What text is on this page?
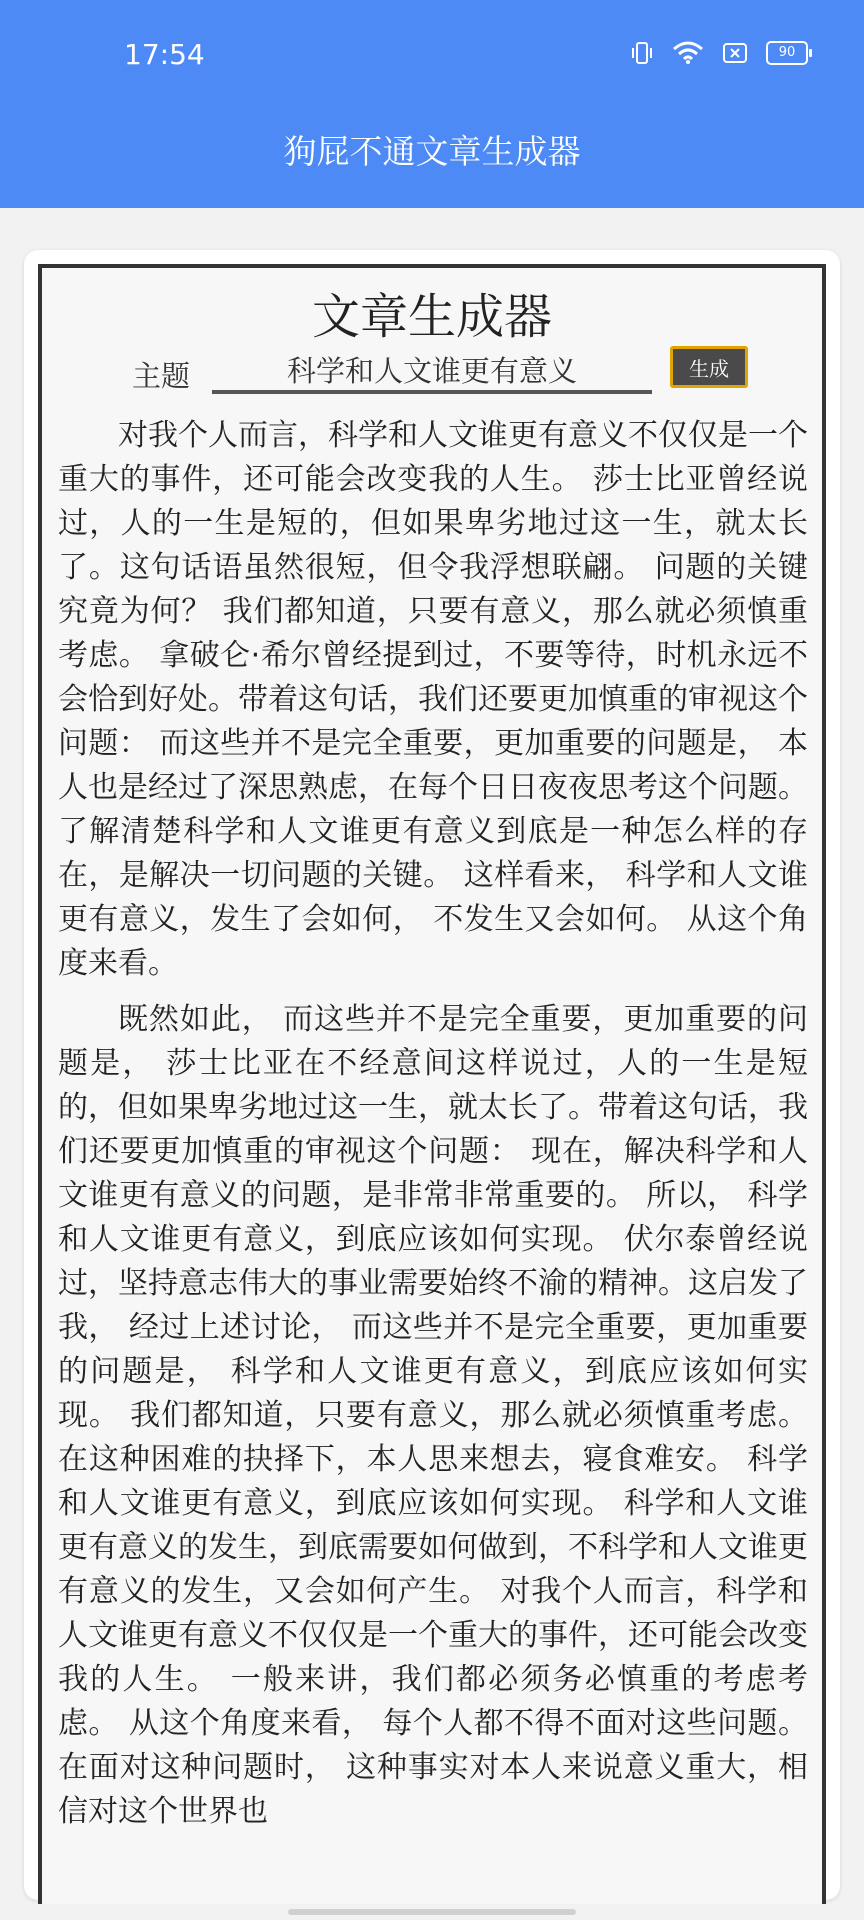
17:54	90
狗屁不通文章生成器
文章生成器
主题
科学和人文谁更有意义	生成

对我个人而言，科学和人文谁更有意义不仅仅是一个重大的事件，还可能会改变我的人生。 莎士比亚曾经说过，人的一生是短的，但如果卑劣地过这一生，就太长了。这句话语虽然很短，但令我浮想联翩。 问题的关键究竟为何？ 我们都知道，只要有意义，那么就必须慎重考虑。 拿破仑·希尔曾经提到过，不要等待，时机永远不会恰到好处。带着这句话，我们还要更加慎重的审视这个问题： 而这些并不是完全重要，更加重要的问题是， 本人也是经过了深思熟虑，在每个日日夜夜思考这个问题。 了解清楚科学和人文谁更有意义到底是一种怎么样的存在，是解决一切问题的关键。 这样看来， 科学和人文谁更有意义，发生了会如何， 不发生又会如何。 从这个角度来看。

既然如此， 而这些并不是完全重要，更加重要的问题是， 莎士比亚在不经意间这样说过，人的一生是短的，但如果卑劣地过这一生，就太长了。带着这句话，我们还要更加慎重的审视这个问题： 现在，解决科学和人文谁更有意义的问题，是非常非常重要的。 所以， 科学和人文谁更有意义，到底应该如何实现。 伏尔泰曾经说过，坚持意志伟大的事业需要始终不渝的精神。这启发了我， 经过上述讨论， 而这些并不是完全重要，更加重要的问题是， 科学和人文谁更有意义，到底应该如何实现。 我们都知道，只要有意义，那么就必须慎重考虑。 在这种困难的抉择下，本人思来想去，寝食难安。 科学和人文谁更有意义，到底应该如何实现。 科学和人文谁更有意义的发生，到底需要如何做到，不科学和人文谁更有意义的发生，又会如何产生。 对我个人而言，科学和人文谁更有意义不仅仅是一个重大的事件，还可能会改变我的人生。 一般来讲，我们都必须务必慎重的考虑考虑。 从这个角度来看， 每个人都不得不面对这些问题。 在面对这种问题时， 这种事实对本人来说意义重大，相信对这个世界也
